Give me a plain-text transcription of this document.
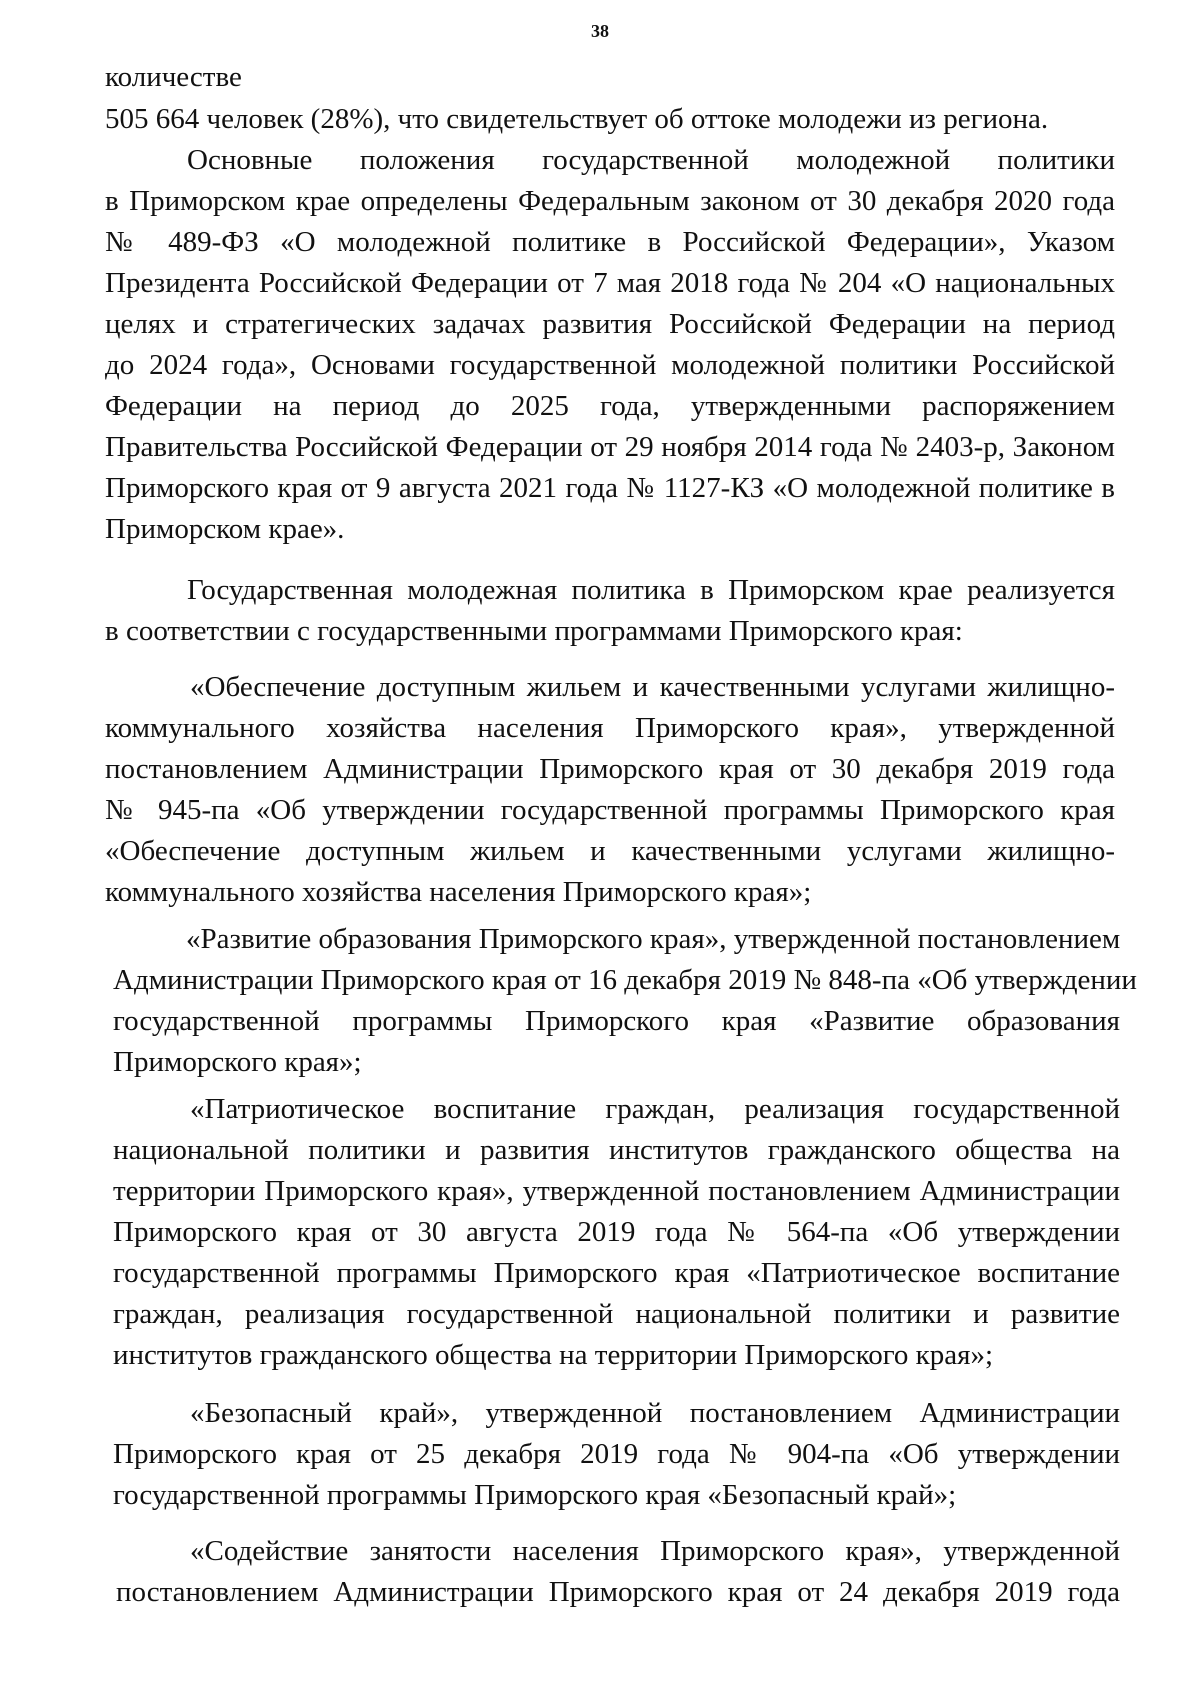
38
количестве
505 664 человек (28%), что свидетельствует об оттоке молодежи из региона.
Основные положения государственной молодежной политики
в Приморском крае определены Федеральным законом от 30 декабря 2020 года
№ 489-ФЗ «О молодежной политике в Российской Федерации», Указом
Президента Российской Федерации от 7 мая 2018 года № 204 «О национальных
целях и стратегических задачах развития Российской Федерации на период
до 2024 года», Основами государственной молодежной политики Российской
Федерации на период до 2025 года, утвержденными распоряжением
Правительства Российской Федерации от 29 ноября 2014 года № 2403-р, Законом
Приморского края от 9 августа 2021 года № 1127-КЗ «О молодежной политике в
Приморском крае».
Государственная молодежная политика в Приморском крае реализуется
в соответствии с государственными программами Приморского края:
«Обеспечение доступным жильем и качественными услугами жилищно-
коммунального хозяйства населения Приморского края», утвержденной
постановлением Администрации Приморского края от 30 декабря 2019 года
№ 945-па «Об утверждении государственной программы Приморского края
«Обеспечение доступным жильем и качественными услугами жилищно-
коммунального хозяйства населения Приморского края»;
«Развитие образования Приморского края», утвержденной постановлением
Администрации Приморского края от 16 декабря 2019 № 848-па «Об утверждении
государственной программы Приморского края «Развитие образования
Приморского края»;
«Патриотическое воспитание граждан, реализация государственной
национальной политики и развития институтов гражданского общества на
территории Приморского края», утвержденной постановлением Администрации
Приморского края от 30 августа 2019 года № 564-па «Об утверждении
государственной программы Приморского края «Патриотическое воспитание
граждан, реализация государственной национальной политики и развитие
институтов гражданского общества на территории Приморского края»;
«Безопасный край», утвержденной постановлением Администрации
Приморского края от 25 декабря 2019 года № 904-па «Об утверждении
государственной программы Приморского края «Безопасный край»;
«Содействие занятости населения Приморского края», утвержденной
постановлением Администрации Приморского края от 24 декабря 2019 года
